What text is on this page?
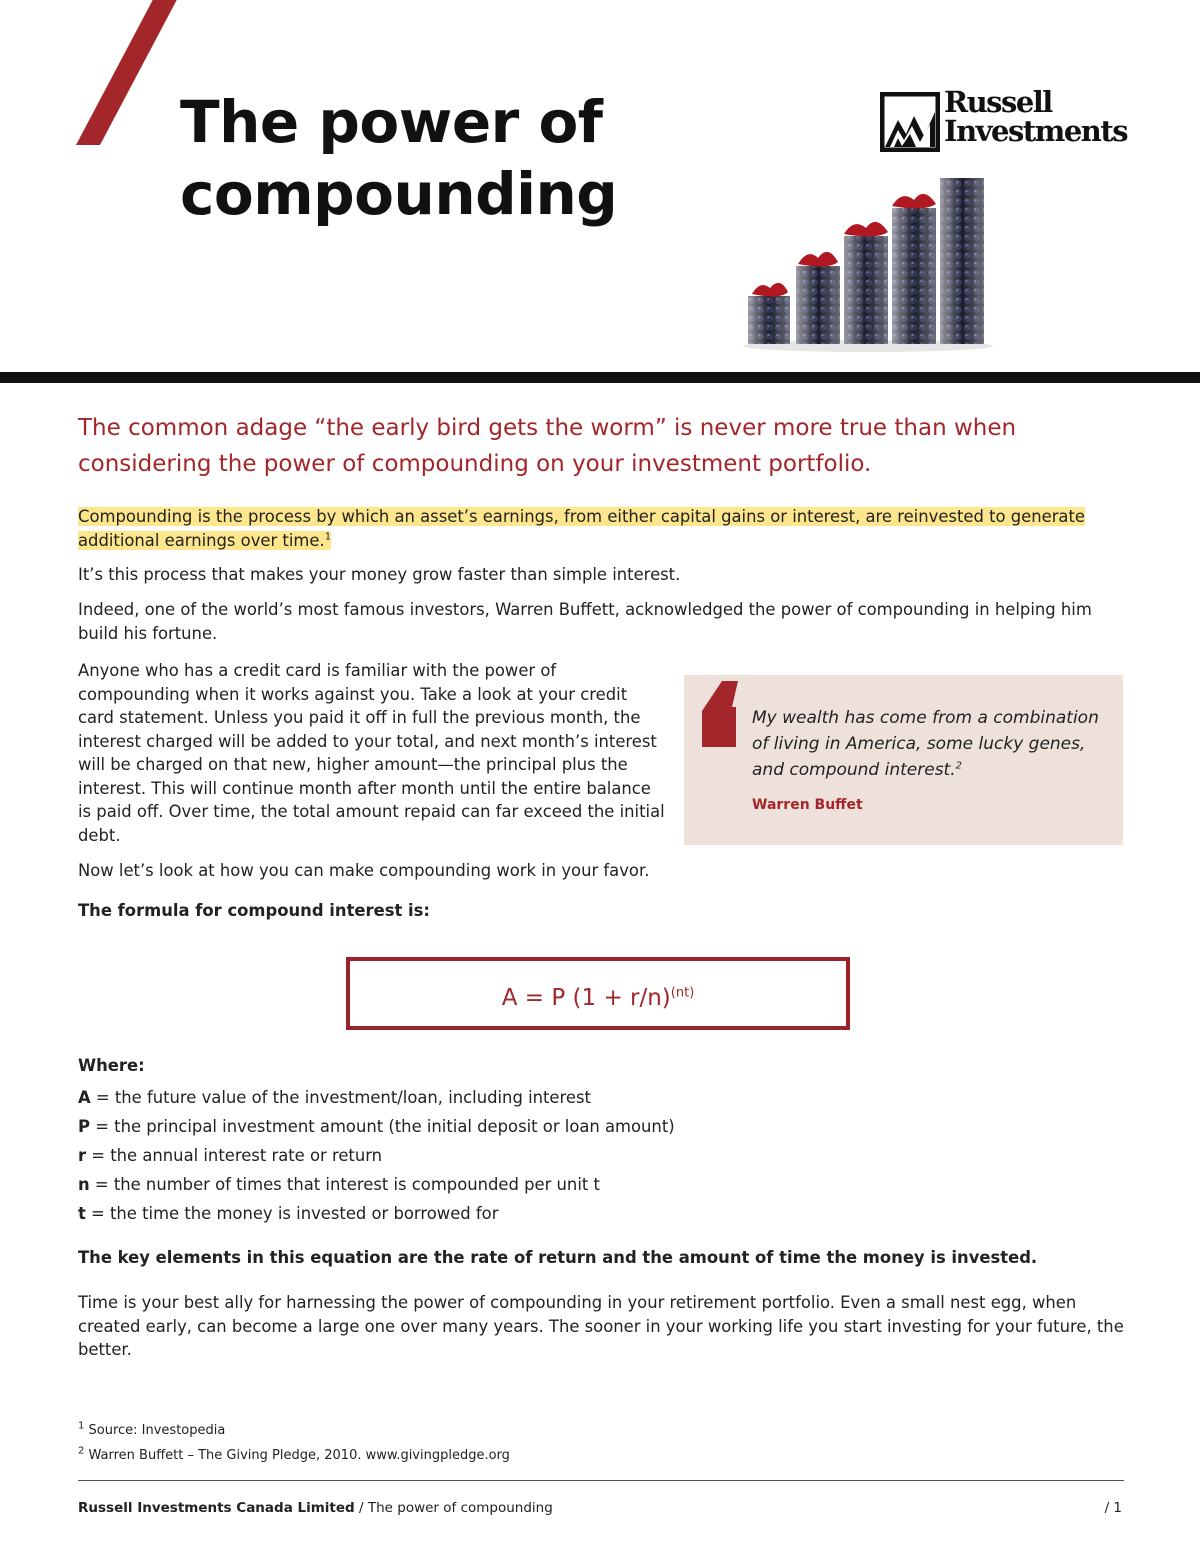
The power of
compounding
Russell
Investments
The common adage “the early bird gets the worm” is never more true than when considering the power of compounding on your investment portfolio.
Compounding is the process by which an asset’s earnings, from either capital gains or interest, are reinvested to generate additional earnings over time.$^1$
It’s this process that makes your money grow faster than simple interest.
Indeed, one of the world’s most famous investors, Warren Buffett, acknowledged the power of compounding in helping him build his fortune.
Anyone who has a credit card is familiar with the power of compounding when it works against you. Take a look at your credit card statement. Unless you paid it off in full the previous month, the interest charged will be added to your total, and next month’s interest will be charged on that new, higher amount—the principal plus the interest. This will continue month after month until the entire balance is paid off. Over time, the total amount repaid can far exceed the initial debt.
Now let’s look at how you can make compounding work in your favor.
My wealth has come from a combination of living in America, some lucky genes, and compound interest.$^2$
Warren Buffet
The formula for compound interest is:
A = P $(1 + r/n)^{(nt)}$
Where:
A = the future value of the investment/loan, including interest
P = the principal investment amount (the initial deposit or loan amount)
r = the annual interest rate or return
n = the number of times that interest is compounded per unit t
t = the time the money is invested or borrowed for
The key elements in this equation are the rate of return and the amount of time the money is invested.
Time is your best ally for harnessing the power of compounding in your retirement portfolio. Even a small nest egg, when created early, can become a large one over many years. The sooner in your working life you start investing for your future, the better.
$^1$ Source: Investopedia
$^2$ Warren Buffett – The Giving Pledge, 2010. www.givingpledge.org
Russell Investments Canada Limited / The power of compounding	/ 1
